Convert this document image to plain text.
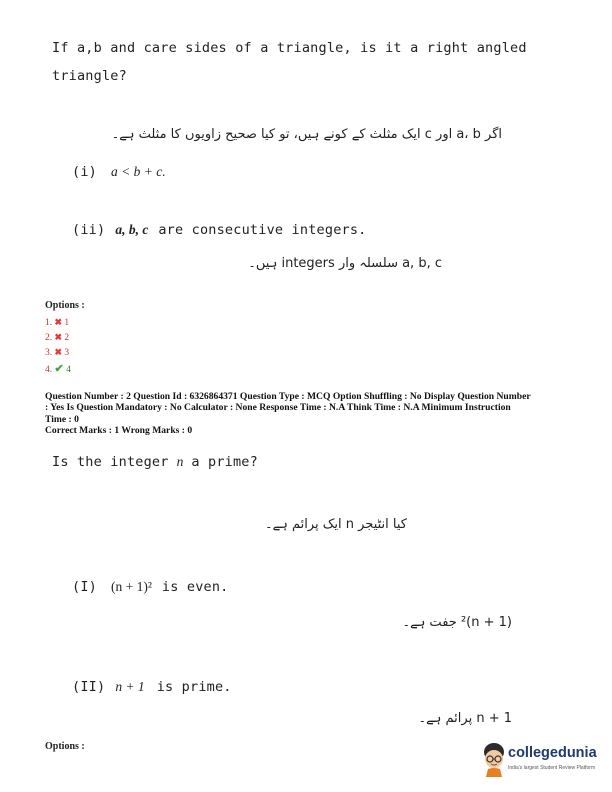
If a,b and care sides of a triangle, is it a right angled
triangle?
اگر a، b اور c ایک مثلث کے کونے ہیں، تو کیا صحیح زاویوں کا مثلث ہے۔
(i) a < b + c.
(ii) a, b, c are consecutive integers.
a, b, c سلسلہ وار integers ہیں۔
Options :
1. ✖ 1
2. ✖ 2
3. ✖ 3
4. ✔ 4
Question Number : 2 Question Id : 6326864371 Question Type : MCQ Option Shuffling : No Display Question Number
: Yes Is Question Mandatory : No Calculator : None Response Time : N.A Think Time : N.A Minimum Instruction
Time : 0
Correct Marks : 1 Wrong Marks : 0
Is the integer n a prime?
کیا انٹیجر n ایک پرائم ہے۔
(I) (n + 1)² is even.
(n + 1)² جفت ہے۔
(II) n + 1 is prime.
n + 1 پرائم ہے۔
Options :	collegedunia
India's largest Student Review Platform
